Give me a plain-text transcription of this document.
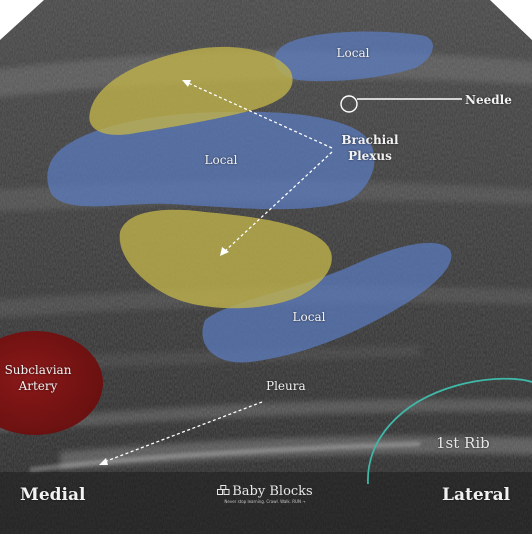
Local
Local
Local
Brachial
Plexus
Needle
Subclavian
Artery	Pleura
1st Rib
Medial	Lateral
Baby Blocks
Never stop learning. Crawl. Walk. RUN →
